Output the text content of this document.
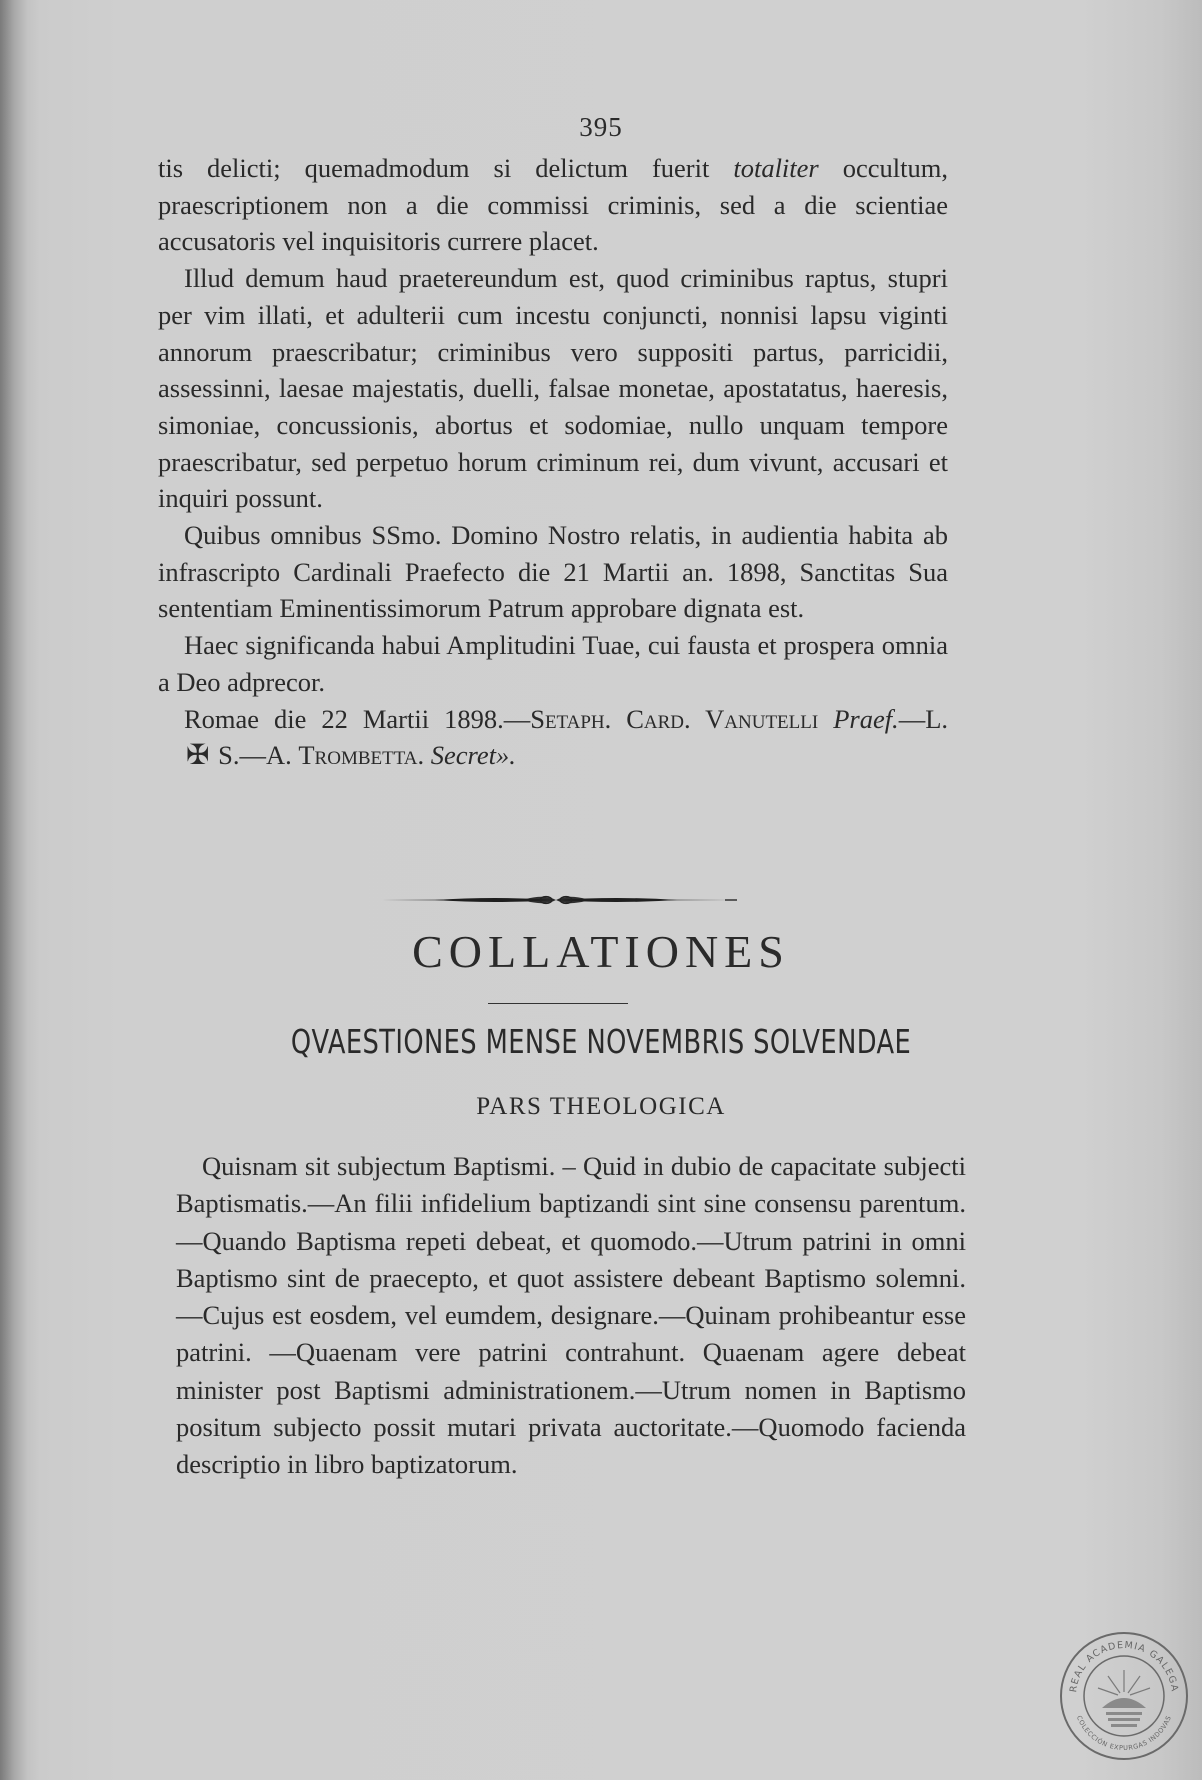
395

tis delicti; quemadmodum si delictum fuerit totaliter occultum, praescriptionem non a die commissi criminis, sed a die scientiae accusatoris vel inquisitoris currere placet.

Illud demum haud praetereundum est, quod criminibus raptus, stupri per vim illati, et adulterii cum incestu conjuncti, nonnisi lapsu viginti annorum praescribatur; criminibus vero suppositi partus, parricidii, assessinni, laesae majestatis, duelli, falsae monetae, apostatatus, haeresis, simoniae, concussionis, abortus et sodomiae, nullo unquam tempore praescribatur, sed perpetuo horum criminum rei, dum vivunt, accusari et inquiri possunt.

Quibus omnibus SSmo. Domino Nostro relatis, in audientia habita ab infrascripto Cardinali Praefecto die 21 Martii an. 1898, Sanctitas Sua sententiam Eminentissimorum Patrum approbare dignata est.

Haec significanda habui Amplitudini Tuae, cui fausta et prospera omnia a Deo adprecor.

Romae die 22 Martii 1898.—Setaph. Card. Vanutelli Praef.—L. ✠ S.—A. Trombetta. Secret».

COLLATIONES
QVAESTIONES MENSE NOVEMBRIS SOLVENDAE
PARS THEOLOGICA

Quisnam sit subjectum Baptismi. – Quid in dubio de capacitate subjecti Baptismatis.—An filii infidelium baptizandi sint sine consensu parentum. —Quando Baptisma repeti debeat, et quomodo.—Utrum patrini in omni Baptismo sint de praecepto, et quot assistere debeant Baptismo solemni.—Cujus est eosdem, vel eumdem, designare.—Quinam prohibeantur esse patrini. —Quaenam vere patrini contrahunt. Quaenam agere debeat minister post Baptismi administrationem.—Utrum nomen in Baptismo positum subjecto possit mutari privata auctoritate.—Quomodo facienda descriptio in libro baptizatorum.

REAL ACADEMIA GALEGA
COLECCIÓN EXPURGAS INDOVAS
